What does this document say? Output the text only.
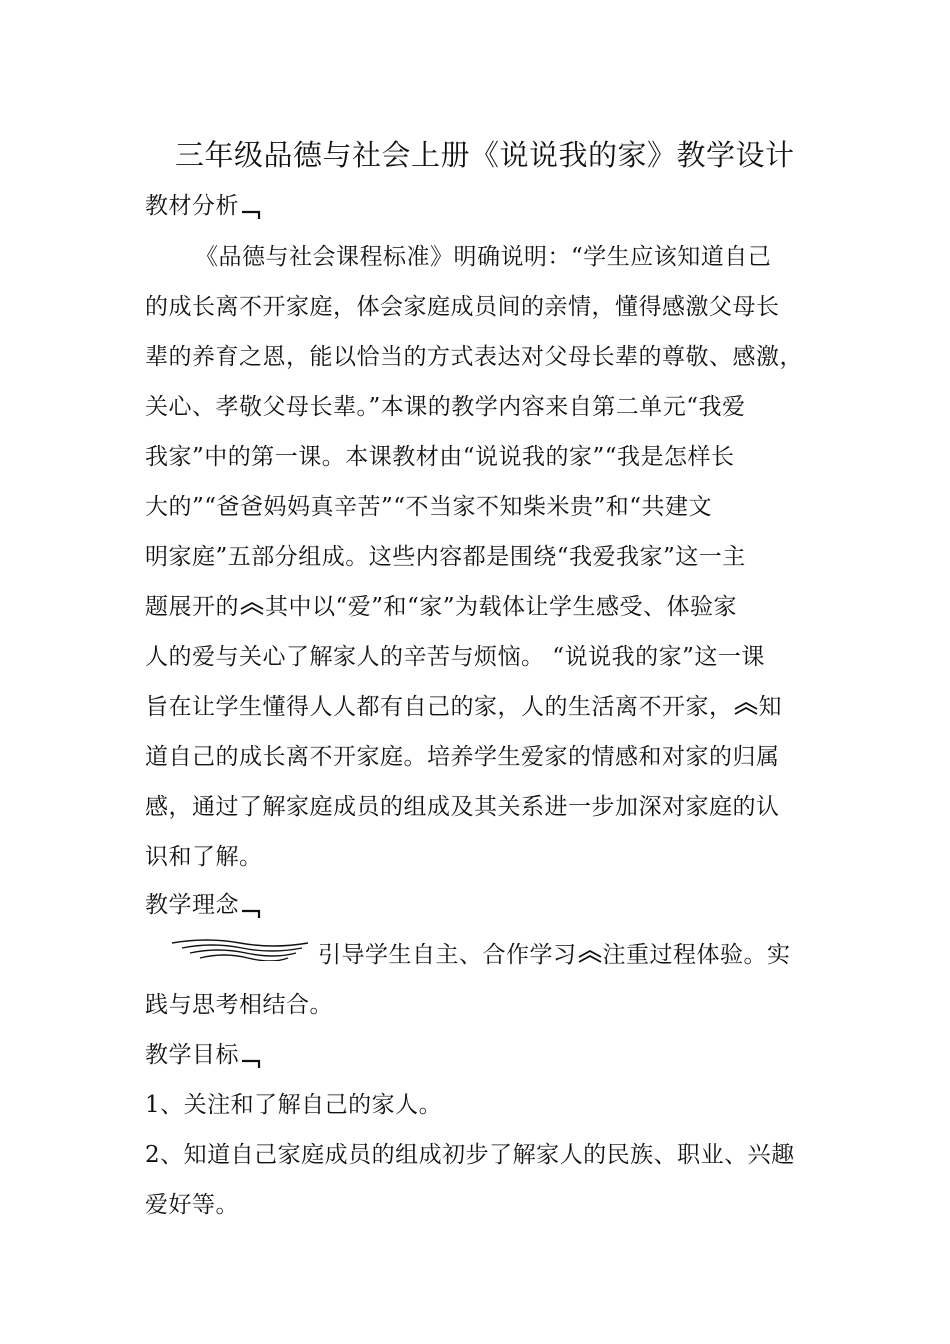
三年级品德与社会上册《说说我的家》教学设计
教材分析
《品德与社会课程标准》明确说明：“学生应该知道自己
的成长离不开家庭，体会家庭成员间的亲情，懂得感激父母长
辈的养育之恩，能以恰当的方式表达对父母长辈的尊敬、感激，
关心、孝敬父母长辈。”本课的教学内容来自第二单元“我爱
我家”中的第一课。本课教材由“说说我的家”“我是怎样长
大的”“爸爸妈妈真辛苦”“不当家不知柴米贵”和“共建文
明家庭”五部分组成。这些内容都是围绕“我爱我家”这一主
题展开的 其中以“爱”和“家”为载体让学生感受、体验家
人的爱与关心了解家人的辛苦与烦恼。 “说说我的家”这一课
旨在让学生懂得人人都有自己的家，人的生活离不开家， 知
道自己的成长离不开家庭。培养学生爱家的情感和对家的归属
感，通过了解家庭成员的组成及其关系进一步加深对家庭的认
识和了解。
教学理念
引导学生自主、合作学习 注重过程体验。实
践与思考相结合。
教学目标
1、关注和了解自己的家人。
2、知道自己家庭成员的组成初步了解家人的民族、职业、兴趣
爱好等。
